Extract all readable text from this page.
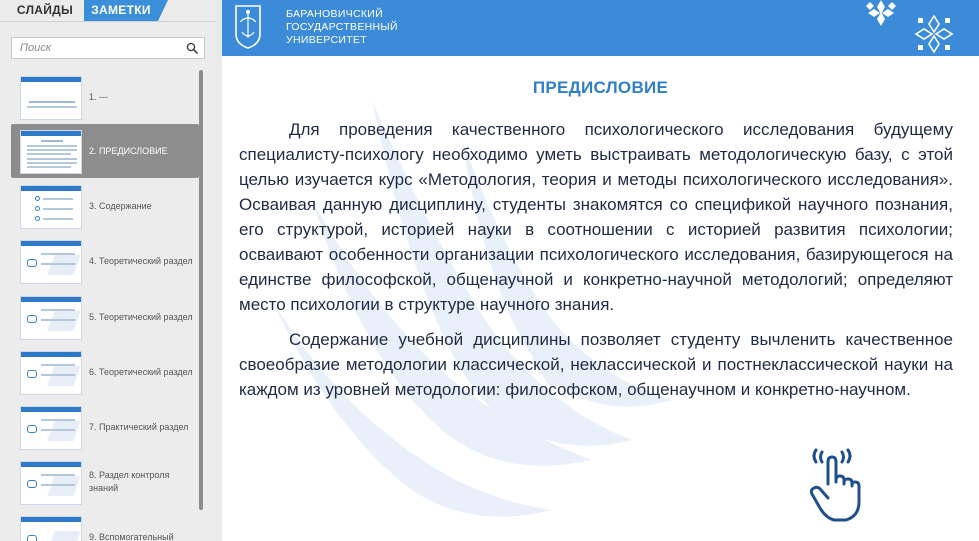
СЛАЙДЫ	ЗАМЕТКИ
Поиск
1. ---
2. ПРЕДИСЛОВИЕ
3. Содержание
4. Теоретический раздел
5. Теоретический раздел
6. Теоретический раздел
7. Практический раздел
8. Раздел контроля знаний
9. Вспомогательный
БАРАНОВИЧСКИЙ
ГОСУДАРСТВЕННЫЙ
УНИВЕРСИТЕТ
ПРЕДИСЛОВИЕ

Для проведения качественного психологического исследования будущему специалисту-психологу необходимо уметь выстраивать методологическую базу, с этой целью изучается курс «Методология, теория и методы психологического исследования». Осваивая данную дисциплину, студенты знакомятся со спецификой научного познания, его структурой, историей науки в соотношении с историей развития психологии; осваивают особенности организации психологического исследования, базирующегося на единстве философской, общенаучной и конкретно-научной методологий; определяют место психологии в структуре научного знания.

Содержание учебной дисциплины позволяет студенту вычленить качественное своеобразие методологии классической, неклассической и постнеклассической науки на каждом из уровней методологии: философском, общенаучном и конкретно-научном.
